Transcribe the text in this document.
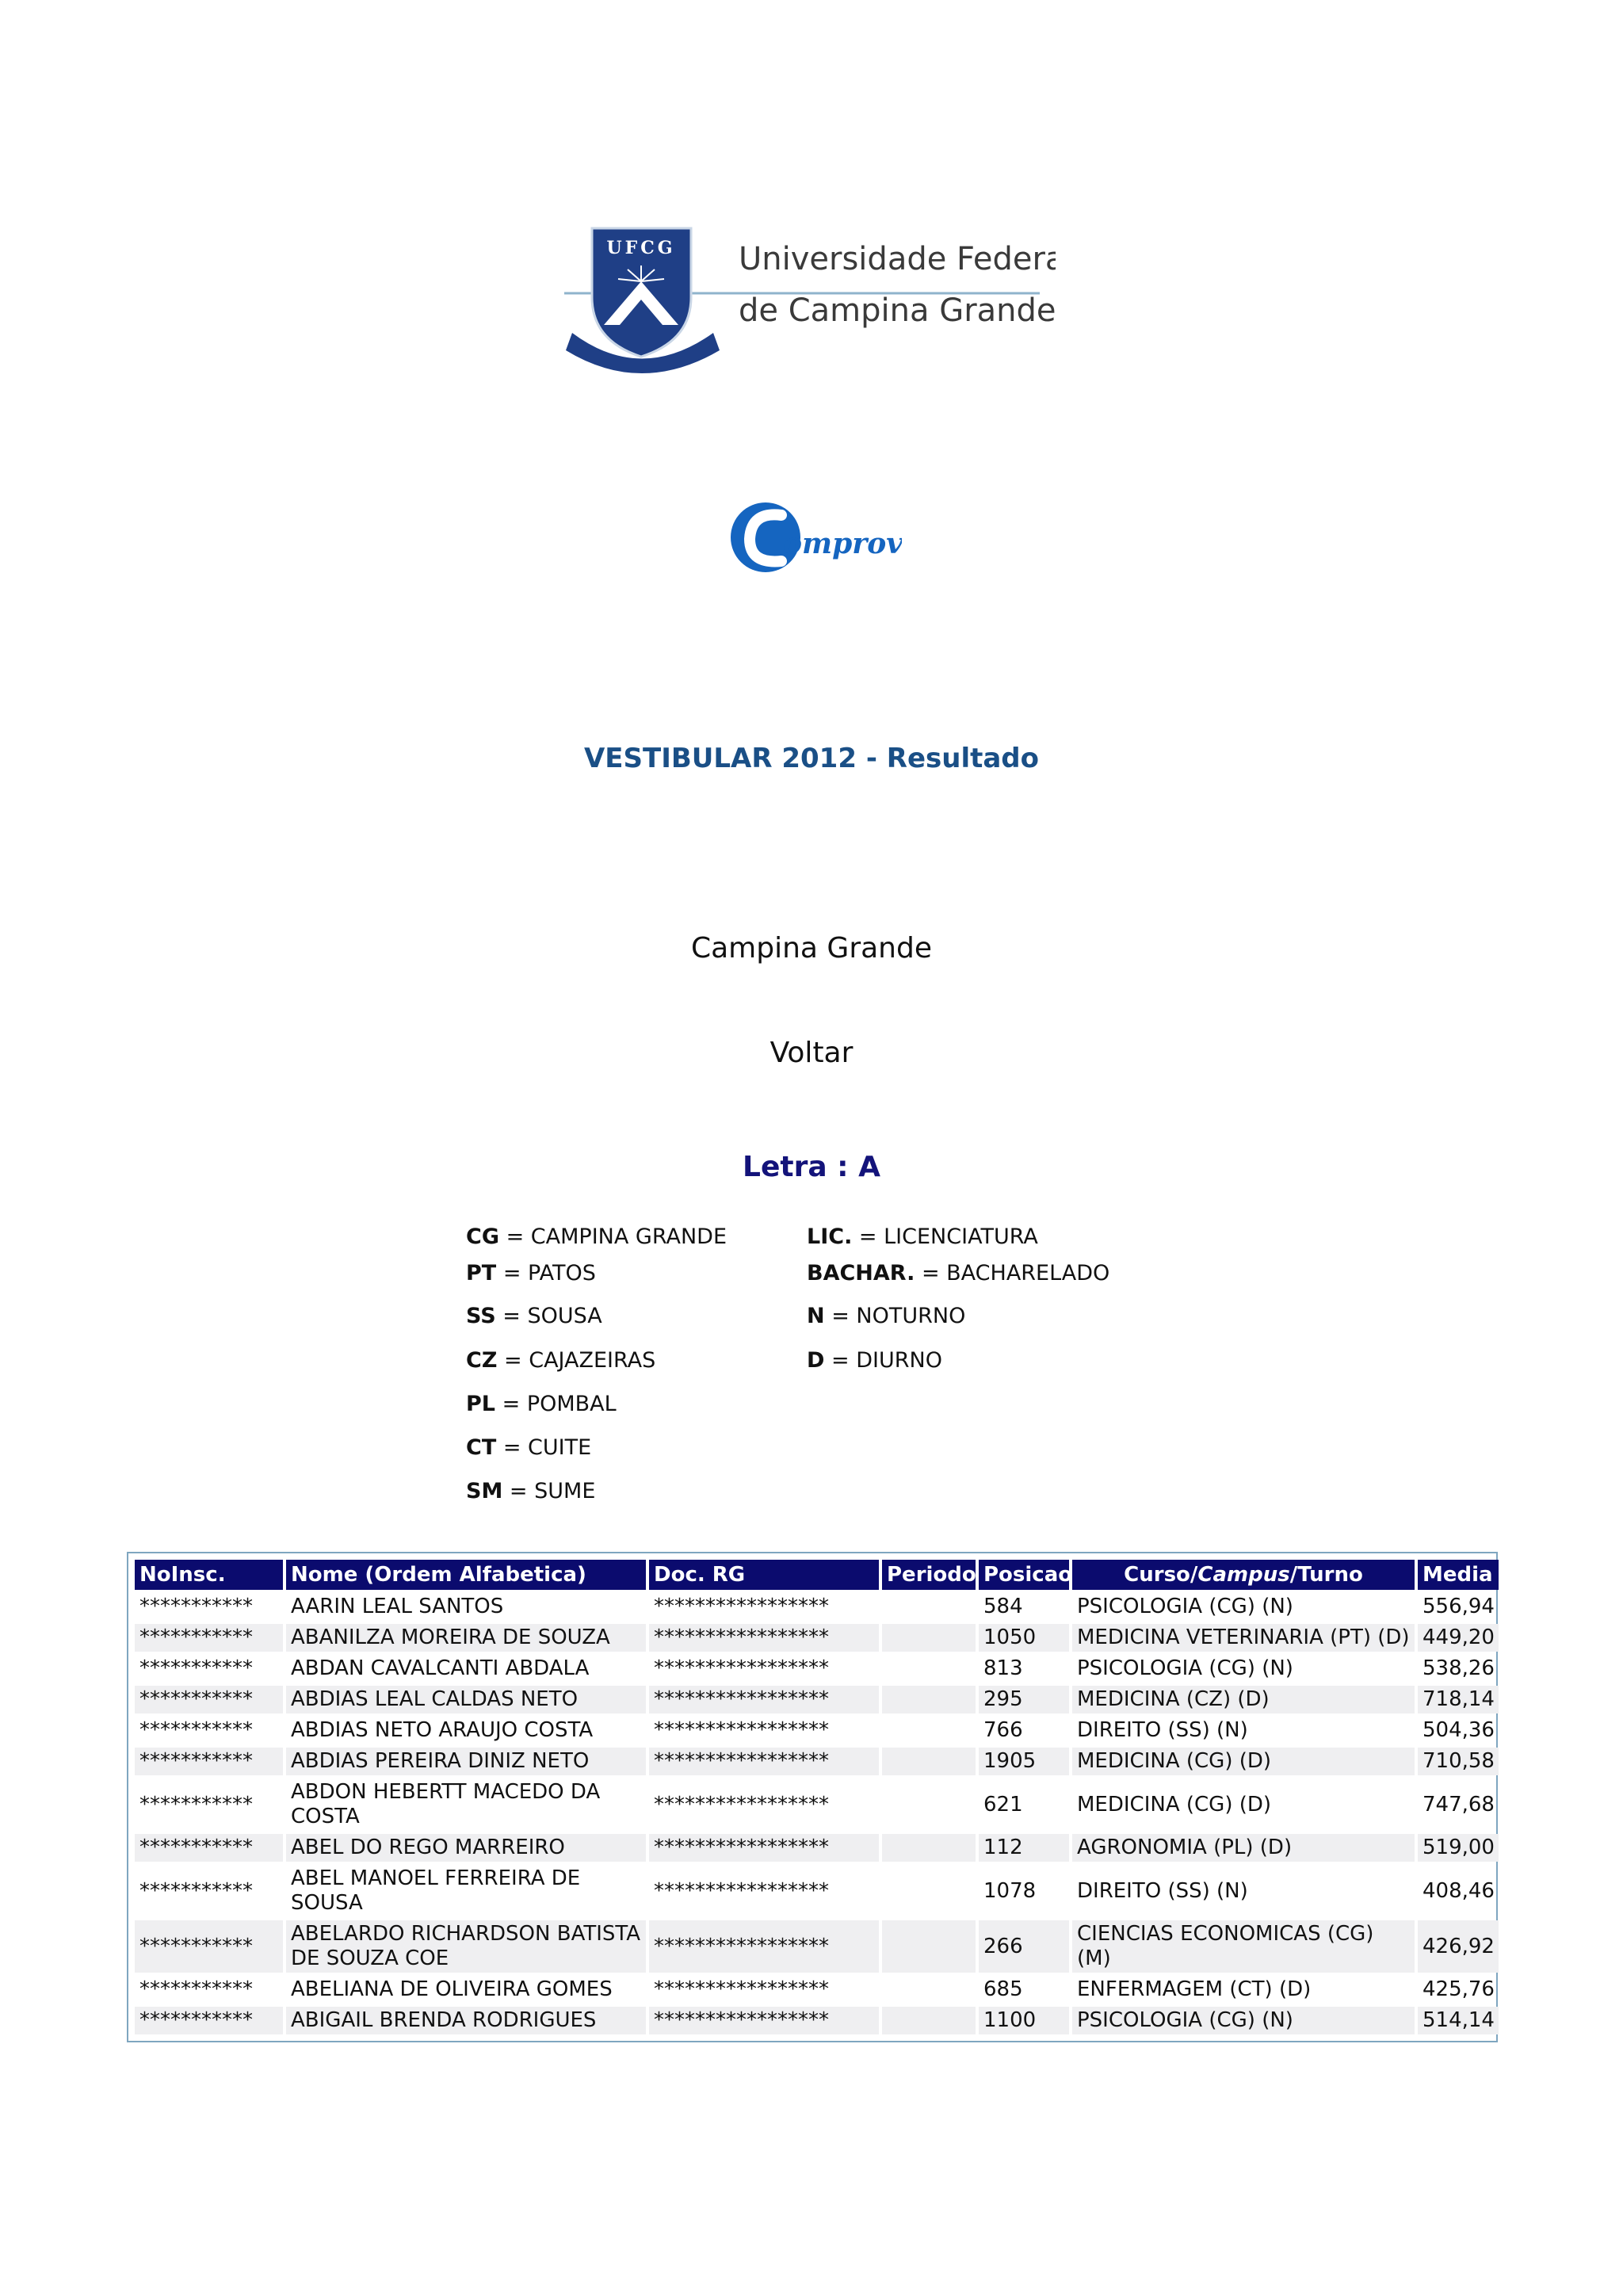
UFCG Universidade Federal
de Campina Grande
omprov
VESTIBULAR 2012 - Resultado
Campina Grande
Voltar
Letra : A
CG = CAMPINA GRANDE
PT = PATOS
SS = SOUSA
CZ = CAJAZEIRAS
PL = POMBAL
CT = CUITE
SM = SUME
LIC. = LICENCIATURA
BACHAR. = BACHARELADO
N = NOTURNO
D = DIURNO
NoInsc.	Nome (Ordem Alfabetica)	Doc. RG	Periodo	Posicao	Curso/Campus/Turno	Media
***********	AARIN LEAL SANTOS	*****************		584	PSICOLOGIA (CG) (N)	556,94
***********	ABANILZA MOREIRA DE SOUZA	*****************		1050	MEDICINA VETERINARIA (PT) (D)	449,20
***********	ABDAN CAVALCANTI ABDALA	*****************		813	PSICOLOGIA (CG) (N)	538,26
***********	ABDIAS LEAL CALDAS NETO	*****************		295	MEDICINA (CZ) (D)	718,14
***********	ABDIAS NETO ARAUJO COSTA	*****************		766	DIREITO (SS) (N)	504,36
***********	ABDIAS PEREIRA DINIZ NETO	*****************		1905	MEDICINA (CG) (D)	710,58
***********	ABDON HEBERTT MACEDO DA COSTA	*****************		621	MEDICINA (CG) (D)	747,68
***********	ABEL DO REGO MARREIRO	*****************		112	AGRONOMIA (PL) (D)	519,00
***********	ABEL MANOEL FERREIRA DE SOUSA	*****************		1078	DIREITO (SS) (N)	408,46
***********	ABELARDO RICHARDSON BATISTA DE SOUZA COE	*****************		266	CIENCIAS ECONOMICAS (CG) (M)	426,92
***********	ABELIANA DE OLIVEIRA GOMES	*****************		685	ENFERMAGEM (CT) (D)	425,76
***********	ABIGAIL BRENDA RODRIGUES	*****************		1100	PSICOLOGIA (CG) (N)	514,14
